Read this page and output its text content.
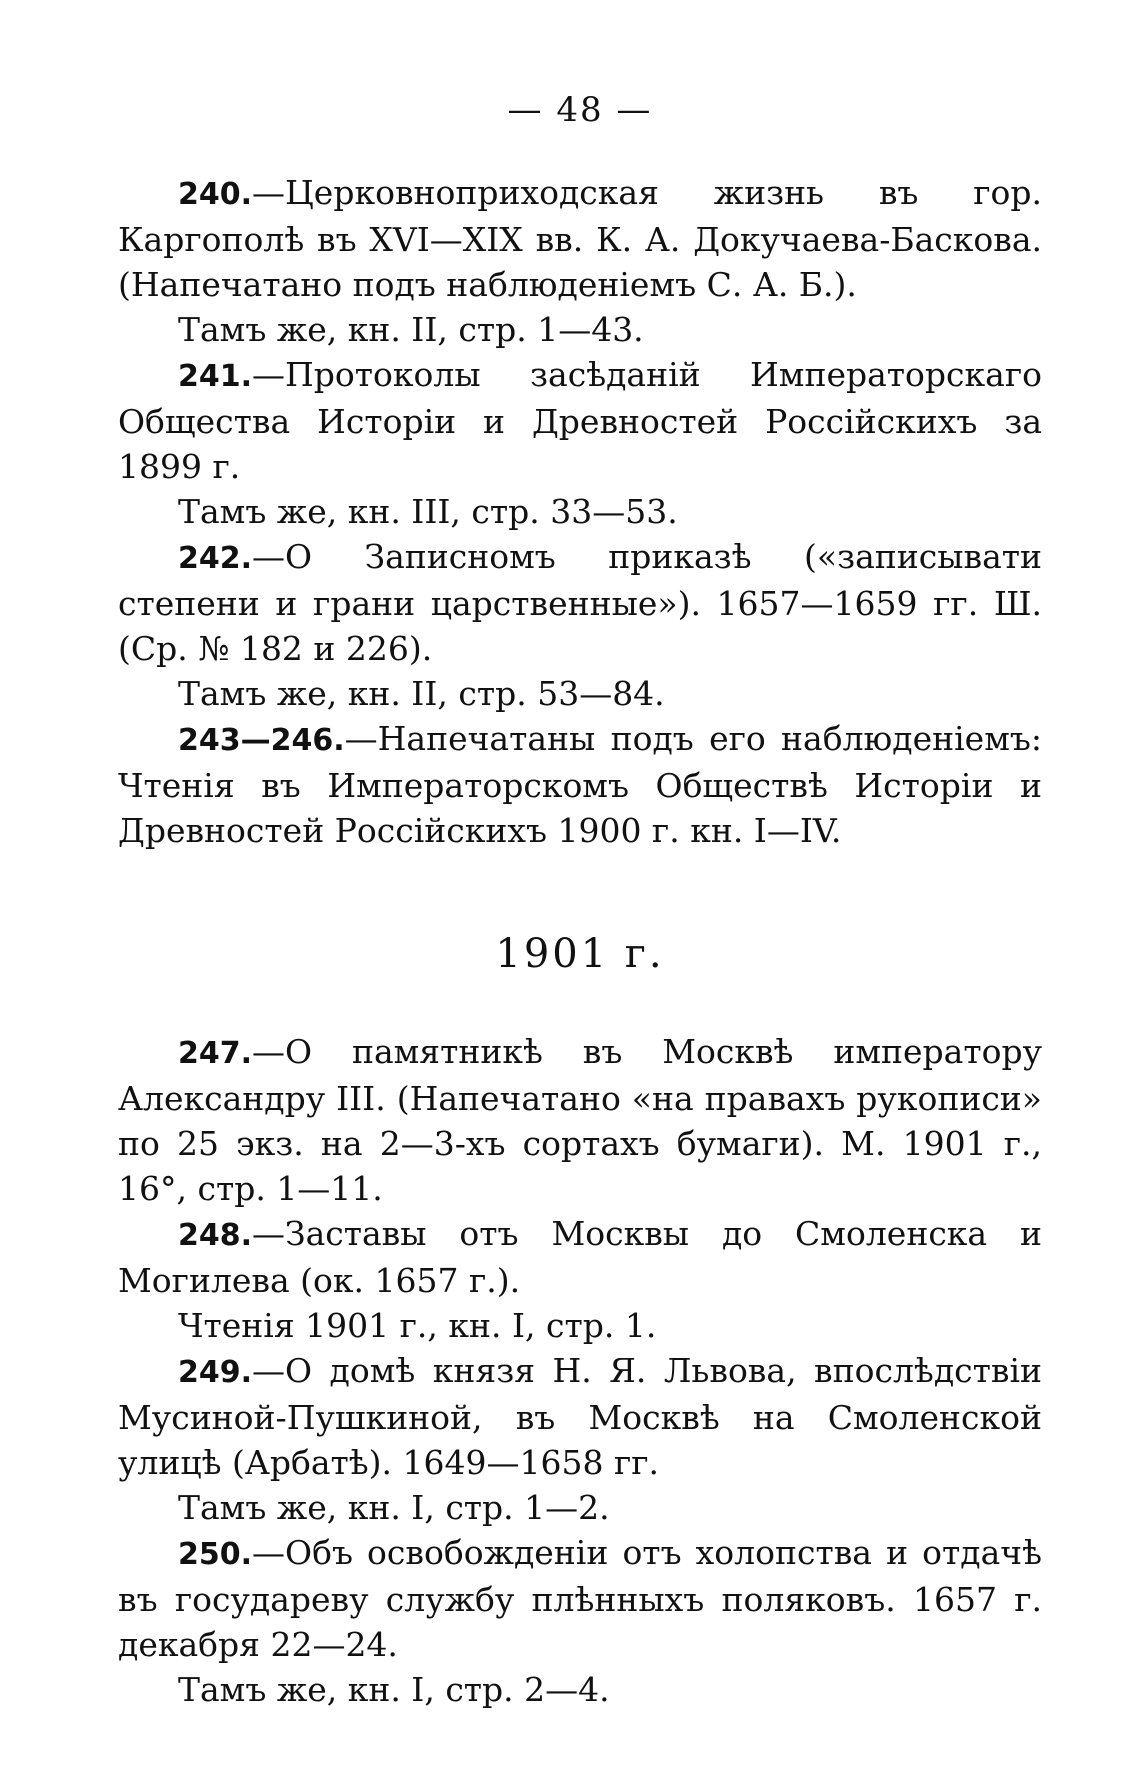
— 48 —

240.—Церковноприходская жизнь въ гор. Каргополѣ въ XVI—XIX вв. К. А. Докучаева-Баскова. (Напечатано подъ наблюденіемъ С. А. Б.).

Тамъ же, кн. II, стр. 1—43.

241.—Протоколы засѣданій Императорскаго Общества Исторіи и Древностей Россійскихъ за 1899 г.

Тамъ же, кн. III, стр. 33—53.

242.—О Записномъ приказѣ («записывати степени и грани царственные»). 1657—1659 гг. Ш. (Ср. № 182 и 226).

Тамъ же, кн. II, стр. 53—84.

243—246.—Напечатаны подъ его наблюденіемъ: Чтенія въ Императорскомъ Обществѣ Исторіи и Древностей Россійскихъ 1900 г. кн. I—IV.

1901 г.

247.—О памятникѣ въ Москвѣ императору Александру III. (Напечатано «на правахъ рукописи» по 25 экз. на 2—3-хъ сортахъ бумаги). М. 1901 г., 16°, стр. 1—11.

248.—Заставы отъ Москвы до Смоленска и Могилева (ок. 1657 г.).

Чтенія 1901 г., кн. I, стр. 1.

249.—О домѣ князя Н. Я. Львова, впослѣдствіи Мусиной-Пушкиной, въ Москвѣ на Смоленской улицѣ (Арбатѣ). 1649—1658 гг.

Тамъ же, кн. I, стр. 1—2.

250.—Объ освобожденіи отъ холопства и отдачѣ въ государеву службу плѣнныхъ поляковъ. 1657 г. декабря 22—24.

Тамъ же, кн. I, стр. 2—4.
